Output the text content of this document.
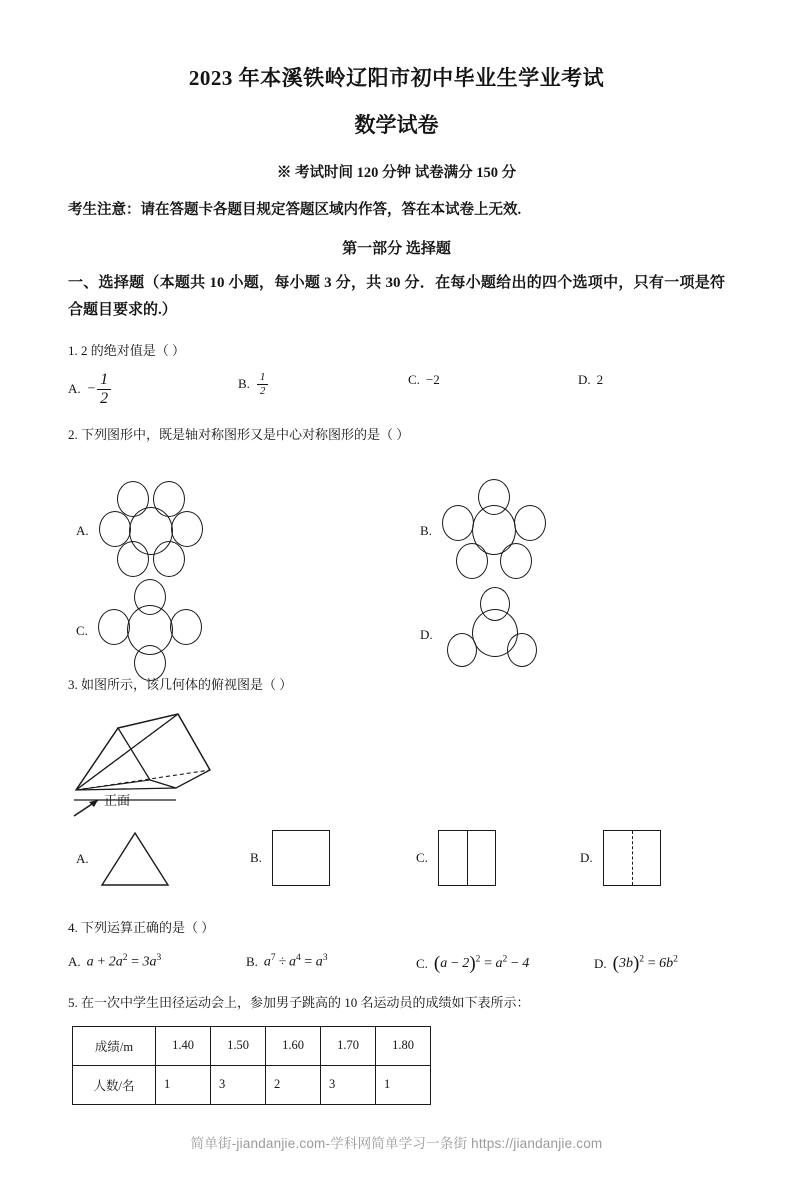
2023 年本溪铁岭辽阳市初中毕业生学业考试
数学试卷
※ 考试时间 120 分钟 试卷满分 150 分
考生注意：请在答题卡各题目规定答题区域内作答，答在本试卷上无效.
第一部分 选择题
一、选择题（本题共 10 小题，每小题 3 分，共 30 分．在每小题给出的四个选项中，只有一项是符合题目要求的.）
1. 2 的绝对值是（ ）
A. − $\frac{1}{2}$	B. $\frac{1}{2}$	C. −2	D. 2
2. 下列图形中，既是轴对称图形又是中心对称图形的是（ ）
A.	B.
C.	D.
3. 如图所示，该几何体的俯视图是（ ）
正面
A.	B.	C.	D.
4. 下列运算正确的是（ ）
A. $a + 2a^2 = 3a^3$	B. $a^7 \div a^4 = a^3$	C. $(a - 2)^2 = a^2 - 4$	D. $(3b)^2 = 6b^2$
5. 在一次中学生田径运动会上，参加男子跳高的 10 名运动员的成绩如下表所示：
成绩/m	1.40	1.50	1.60	1.70	1.80
人数/名	1	3	2	3	1
简单街-jiandanjie.com-学科网简单学习一条街 https://jiandanjie.com
